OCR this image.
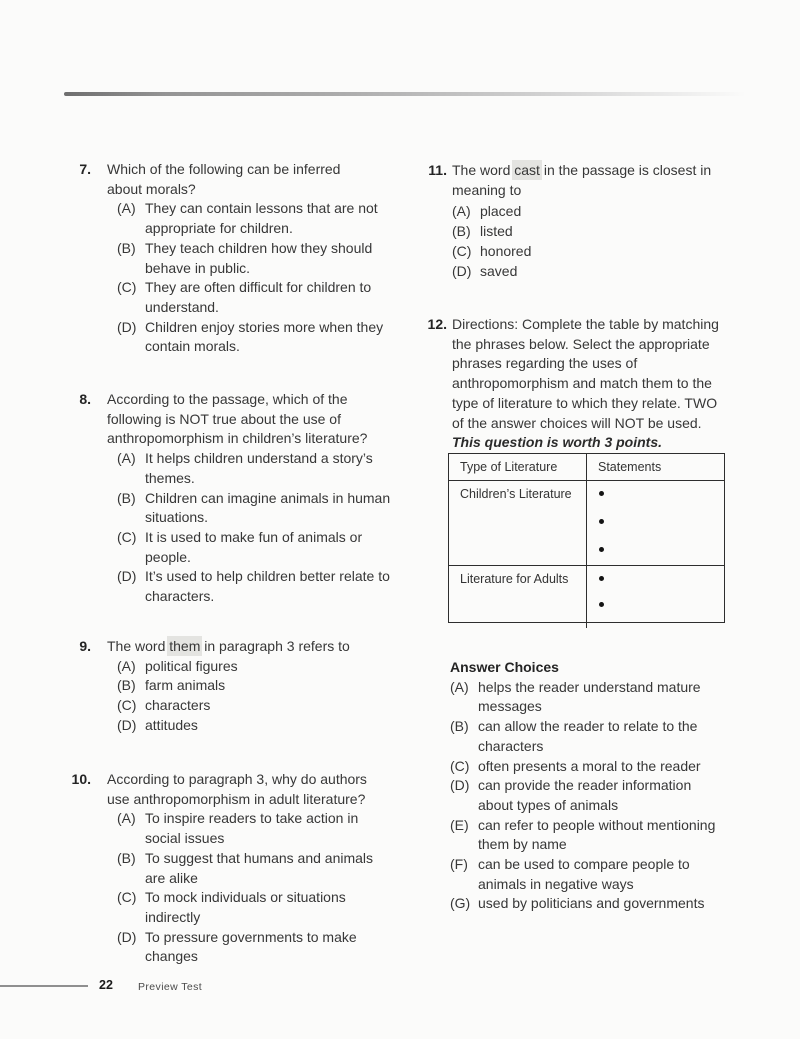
7. Which of the following can be inferred
about morals?
(A) They can contain lessons that are not
appropriate for children.
(B) They teach children how they should
behave in public.
(C) They are often difficult for children to
understand.
(D) Children enjoy stories more when they
contain morals.
8. According to the passage, which of the
following is NOT true about the use of
anthropomorphism in children’s literature?
(A) It helps children understand a story’s
themes.
(B) Children can imagine animals in human
situations.
(C) It is used to make fun of animals or
people.
(D) It’s used to help children better relate to
characters.
9. The word them in paragraph 3 refers to
(A) political figures
(B) farm animals
(C) characters
(D) attitudes
10. According to paragraph 3, why do authors
use anthropomorphism in adult literature?
(A) To inspire readers to take action in
social issues
(B) To suggest that humans and animals
are alike
(C) To mock individuals or situations
indirectly
(D) To pressure governments to make
changes
Type of Literature	Statements
Children’s Literature
Literature for Adults
Answer Choices
(A) helps the reader understand mature
messages
(B) can allow the reader to relate to the
characters
(C) often presents a moral to the reader
(D) can provide the reader information
about types of animals
(E) can refer to people without mentioning
them by name
(F) can be used to compare people to
animals in negative ways
(G) used by politicians and governments
11. The word cast in the passage is closest in
meaning to
(A) placed
(B) listed
(C) honored
(D) saved
12. Directions: Complete the table by matching
the phrases below. Select the appropriate
phrases regarding the uses of
anthropomorphism and match them to the
type of literature to which they relate. TWO
of the answer choices will NOT be used.
This question is worth 3 points.
22 Preview Test
